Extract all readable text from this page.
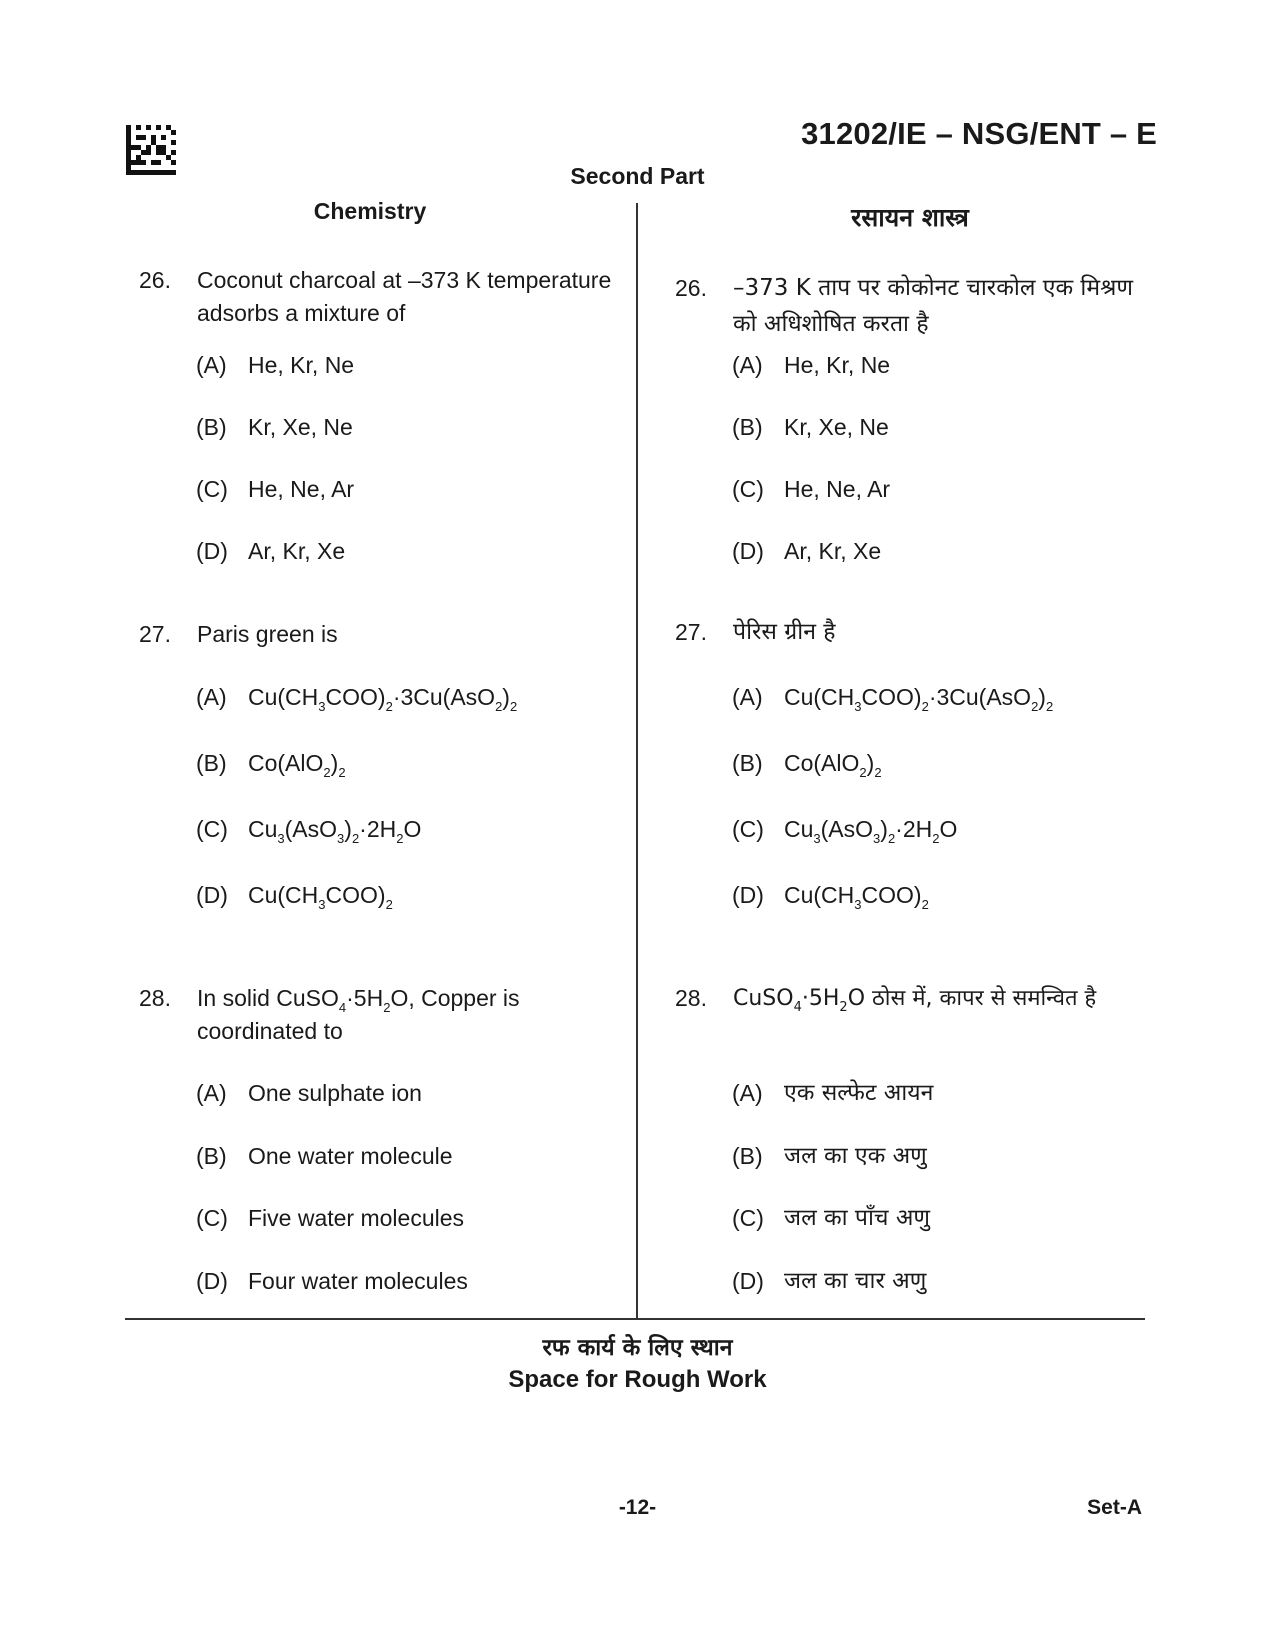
31202/IE – NSG/ENT – E
Second Part
Chemistry	रसायन शास्त्र
26. Coconut charcoal at –373 K temperature adsorbs a mixture of
(A) He, Kr, Ne
(B) Kr, Xe, Ne
(C) He, Ne, Ar
(D) Ar, Kr, Xe
27. Paris green is
(A) $Cu(CH_3COO)_2\cdot 3Cu(AsO_2)_2$
(B) $Co(AlO_2)_2$
(C) $Cu_3(AsO_3)_2\cdot 2H_2O$
(D) $Cu(CH_3COO)_2$
28. In solid $CuSO_4\cdot 5H_2O$, Copper is coordinated to
(A) One sulphate ion
(B) One water molecule
(C) Five water molecules
(D) Four water molecules
26. –373 K ताप पर कोकोनट चारकोल एक मिश्रण को अधिशोषित करता है
(A) He, Kr, Ne
(B) Kr, Xe, Ne
(C) He, Ne, Ar
(D) Ar, Kr, Xe
27. पेरिस ग्रीन है
(A) $Cu(CH_3COO)_2\cdot 3Cu(AsO_2)_2$
(B) $Co(AlO_2)_2$
(C) $Cu_3(AsO_3)_2\cdot 2H_2O$
(D) $Cu(CH_3COO)_2$
28. $CuSO_4\cdot 5H_2O$ ठोस में, कापर से समन्वित है
(A) एक सल्फेट आयन
(B) जल का एक अणु
(C) जल का पाँच अणु
(D) जल का चार अणु
रफ कार्य के लिए स्थान
Space for Rough Work
-12-	Set-A
